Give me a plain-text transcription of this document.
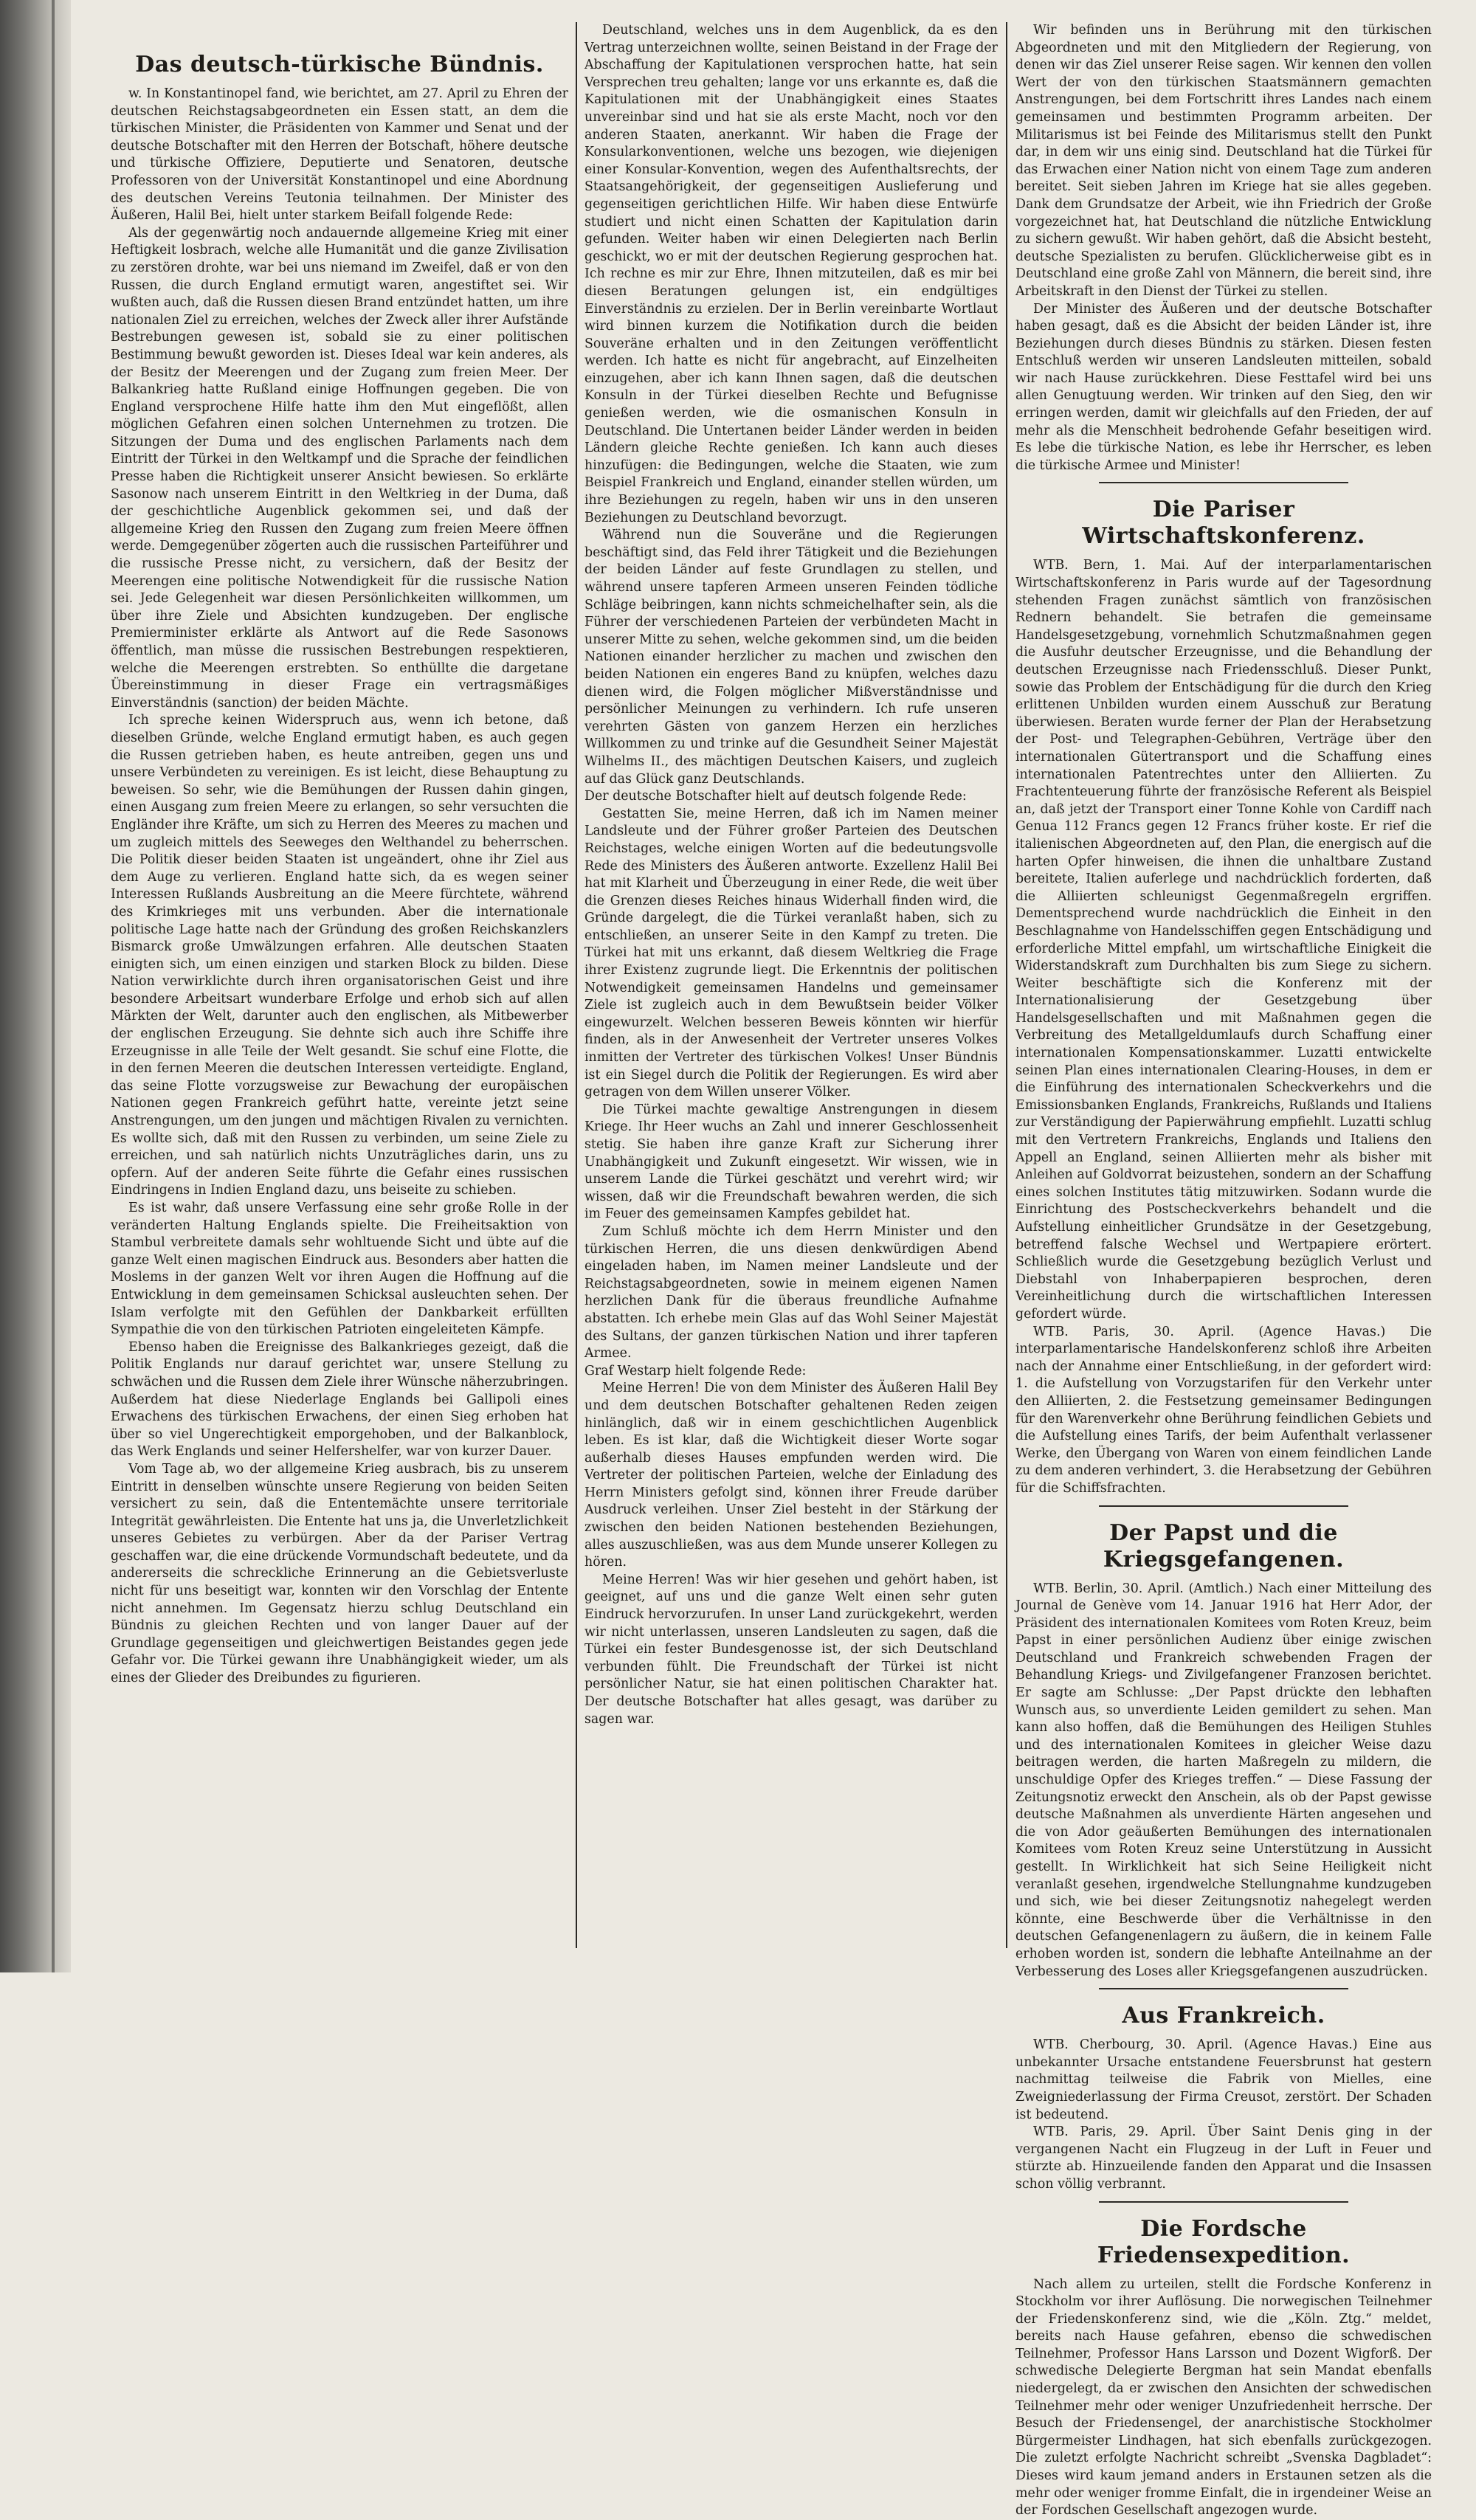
Das deutsch-türkische Bündnis.

w. In Konstantinopel fand, wie berichtet, am 27. April zu Ehren der deutschen Reichstagsabgeordneten ein Essen statt, an dem die türkischen Minister, die Präsidenten von Kammer und Senat und der deutsche Botschafter mit den Herren der Botschaft, höhere deutsche und türkische Offiziere, Deputierte und Senatoren, deutsche Professoren von der Universität Konstantinopel und eine Abordnung des deutschen Vereins Teutonia teilnahmen. Der Minister des Äußeren, Halil Bei, hielt unter starkem Beifall folgende Rede:

Als der gegenwärtig noch andauernde allgemeine Krieg mit einer Heftigkeit losbrach, welche alle Humanität und die ganze Zivilisation zu zerstören drohte, war bei uns niemand im Zweifel, daß er von den Russen, die durch England ermutigt waren, angestiftet sei. Wir wußten auch, daß die Russen diesen Brand entzündet hatten, um ihre nationalen Ziel zu erreichen, welches der Zweck aller ihrer Aufstände Bestrebungen gewesen ist, sobald sie zu einer politischen Bestimmung bewußt geworden ist. Dieses Ideal war kein anderes, als der Besitz der Meerengen und der Zugang zum freien Meer. Der Balkankrieg hatte Rußland einige Hoffnungen gegeben. Die von England versprochene Hilfe hatte ihm den Mut eingeflößt, allen möglichen Gefahren einen solchen Unternehmen zu trotzen. Die Sitzungen der Duma und des englischen Parlaments nach dem Eintritt der Türkei in den Weltkampf und die Sprache der feindlichen Presse haben die Richtigkeit unserer Ansicht bewiesen. So erklärte Sasonow nach unserem Eintritt in den Weltkrieg in der Duma, daß der geschichtliche Augenblick gekommen sei, und daß der allgemeine Krieg den Russen den Zugang zum freien Meere öffnen werde. Demgegenüber zögerten auch die russischen Parteiführer und die russische Presse nicht, zu versichern, daß der Besitz der Meerengen eine politische Notwendigkeit für die russische Nation sei. Jede Gelegenheit war diesen Persönlichkeiten willkommen, um über ihre Ziele und Absichten kundzugeben. Der englische Premierminister erklärte als Antwort auf die Rede Sasonows öffentlich, man müsse die russischen Bestrebungen respektieren, welche die Meerengen erstrebten. So enthüllte die dargetane Übereinstimmung in dieser Frage ein vertragsmäßiges Einverständnis (sanction) der beiden Mächte.

Ich spreche keinen Widerspruch aus, wenn ich betone, daß dieselben Gründe, welche England ermutigt haben, es auch gegen die Russen getrieben haben, es heute antreiben, gegen uns und unsere Verbündeten zu vereinigen. Es ist leicht, diese Behauptung zu beweisen. So sehr, wie die Bemühungen der Russen dahin gingen, einen Ausgang zum freien Meere zu erlangen, so sehr versuchten die Engländer ihre Kräfte, um sich zu Herren des Meeres zu machen und um zugleich mittels des Seeweges den Welthandel zu beherrschen. Die Politik dieser beiden Staaten ist ungeändert, ohne ihr Ziel aus dem Auge zu verlieren. England hatte sich, da es wegen seiner Interessen Rußlands Ausbreitung an die Meere fürchtete, während des Krimkrieges mit uns verbunden. Aber die internationale politische Lage hatte nach der Gründung des großen Reichskanzlers Bismarck große Umwälzungen erfahren. Alle deutschen Staaten einigten sich, um einen einzigen und starken Block zu bilden. Diese Nation verwirklichte durch ihren organisatorischen Geist und ihre besondere Arbeitsart wunderbare Erfolge und erhob sich auf allen Märkten der Welt, darunter auch den englischen, als Mitbewerber der englischen Erzeugung. Sie dehnte sich auch ihre Schiffe ihre Erzeugnisse in alle Teile der Welt gesandt. Sie schuf eine Flotte, die in den fernen Meeren die deutschen Interessen verteidigte. England, das seine Flotte vorzugsweise zur Bewachung der europäischen Nationen gegen Frankreich geführt hatte, vereinte jetzt seine Anstrengungen, um den jungen und mächtigen Rivalen zu vernichten. Es wollte sich, daß mit den Russen zu verbinden, um seine Ziele zu erreichen, und sah natürlich nichts Unzuträgliches darin, uns zu opfern. Auf der anderen Seite führte die Gefahr eines russischen Eindringens in Indien England dazu, uns beiseite zu schieben.

Es ist wahr, daß unsere Verfassung eine sehr große Rolle in der veränderten Haltung Englands spielte. Die Freiheitsaktion von Stambul verbreitete damals sehr wohltuende Sicht und übte auf die ganze Welt einen magischen Eindruck aus. Besonders aber hatten die Moslems in der ganzen Welt vor ihren Augen die Hoffnung auf die Entwicklung in dem gemeinsamen Schicksal ausleuchten sehen. Der Islam verfolgte mit den Gefühlen der Dankbarkeit erfüllten Sympathie die von den türkischen Patrioten eingeleiteten Kämpfe.

Ebenso haben die Ereignisse des Balkankrieges gezeigt, daß die Politik Englands nur darauf gerichtet war, unsere Stellung zu schwächen und die Russen dem Ziele ihrer Wünsche näherzubringen. Außerdem hat diese Niederlage Englands bei Gallipoli eines Erwachens des türkischen Erwachens, der einen Sieg erhoben hat über so viel Ungerechtigkeit emporgehoben, und der Balkanblock, das Werk Englands und seiner Helfershelfer, war von kurzer Dauer.

Vom Tage ab, wo der allgemeine Krieg ausbrach, bis zu unserem Eintritt in denselben wünschte unsere Regierung von beiden Seiten versichert zu sein, daß die Ententemächte unsere territoriale Integrität gewährleisten. Die Entente hat uns ja, die Unverletzlichkeit unseres Gebietes zu verbürgen. Aber da der Pariser Vertrag geschaffen war, die eine drückende Vormundschaft bedeutete, und da andererseits die schreckliche Erinnerung an die Gebietsverluste nicht für uns beseitigt war, konnten wir den Vorschlag der Entente nicht annehmen. Im Gegensatz hierzu schlug Deutschland ein Bündnis zu gleichen Rechten und von langer Dauer auf der Grundlage gegenseitigen und gleichwertigen Beistandes gegen jede Gefahr vor. Die Türkei gewann ihre Unabhängigkeit wieder, um als eines der Glieder des Dreibundes zu figurieren.

Deutschland, welches uns in dem Augenblick, da es den Vertrag unterzeichnen wollte, seinen Beistand in der Frage der Abschaffung der Kapitulationen versprochen hatte, hat sein Versprechen treu gehalten; lange vor uns erkannte es, daß die Kapitulationen mit der Unabhängigkeit eines Staates unvereinbar sind und hat sie als erste Macht, noch vor den anderen Staaten, anerkannt. Wir haben die Frage der Konsularkonventionen, welche uns bezogen, wie diejenigen einer Konsular-Konvention, wegen des Aufenthaltsrechts, der Staatsangehörigkeit, der gegenseitigen Auslieferung und gegenseitigen gerichtlichen Hilfe. Wir haben diese Entwürfe studiert und nicht einen Schatten der Kapitulation darin gefunden. Weiter haben wir einen Delegierten nach Berlin geschickt, wo er mit der deutschen Regierung gesprochen hat. Ich rechne es mir zur Ehre, Ihnen mitzuteilen, daß es mir bei diesen Beratungen gelungen ist, ein endgültiges Einverständnis zu erzielen. Der in Berlin vereinbarte Wortlaut wird binnen kurzem die Notifikation durch die beiden Souveräne erhalten und in den Zeitungen veröffentlicht werden. Ich hatte es nicht für angebracht, auf Einzelheiten einzugehen, aber ich kann Ihnen sagen, daß die deutschen Konsuln in der Türkei dieselben Rechte und Befugnisse genießen werden, wie die osmanischen Konsuln in Deutschland. Die Untertanen beider Länder werden in beiden Ländern gleiche Rechte genießen. Ich kann auch dieses hinzufügen: die Bedingungen, welche die Staaten, wie zum Beispiel Frankreich und England, einander stellen würden, um ihre Beziehungen zu regeln, haben wir uns in den unseren Beziehungen zu Deutschland bevorzugt.

Während nun die Souveräne und die Regierungen beschäftigt sind, das Feld ihrer Tätigkeit und die Beziehungen der beiden Länder auf feste Grundlagen zu stellen, und während unsere tapferen Armeen unseren Feinden tödliche Schläge beibringen, kann nichts schmeichelhafter sein, als die Führer der verschiedenen Parteien der verbündeten Macht in unserer Mitte zu sehen, welche gekommen sind, um die beiden Nationen einander herzlicher zu machen und zwischen den beiden Nationen ein engeres Band zu knüpfen, welches dazu dienen wird, die Folgen möglicher Mißverständnisse und persönlicher Meinungen zu verhindern. Ich rufe unseren verehrten Gästen von ganzem Herzen ein herzliches Willkommen zu und trinke auf die Gesundheit Seiner Majestät Wilhelms II., des mächtigen Deutschen Kaisers, und zugleich auf das Glück ganz Deutschlands.

Der deutsche Botschafter hielt auf deutsch folgende Rede:

Gestatten Sie, meine Herren, daß ich im Namen meiner Landsleute und der Führer großer Parteien des Deutschen Reichstages, welche einigen Worten auf die bedeutungsvolle Rede des Ministers des Äußeren antworte. Exzellenz Halil Bei hat mit Klarheit und Überzeugung in einer Rede, die weit über die Grenzen dieses Reiches hinaus Widerhall finden wird, die Gründe dargelegt, die die Türkei veranlaßt haben, sich zu entschließen, an unserer Seite in den Kampf zu treten. Die Türkei hat mit uns erkannt, daß diesem Weltkrieg die Frage ihrer Existenz zugrunde liegt. Die Erkenntnis der politischen Notwendigkeit gemeinsamen Handelns und gemeinsamer Ziele ist zugleich auch in dem Bewußtsein beider Völker eingewurzelt. Welchen besseren Beweis könnten wir hierfür finden, als in der Anwesenheit der Vertreter unseres Volkes inmitten der Vertreter des türkischen Volkes! Unser Bündnis ist ein Siegel durch die Politik der Regierungen. Es wird aber getragen von dem Willen unserer Völker.

Die Türkei machte gewaltige Anstrengungen in diesem Kriege. Ihr Heer wuchs an Zahl und innerer Geschlossenheit stetig. Sie haben ihre ganze Kraft zur Sicherung ihrer Unabhängigkeit und Zukunft eingesetzt. Wir wissen, wie in unserem Lande die Türkei geschätzt und verehrt wird; wir wissen, daß wir die Freundschaft bewahren werden, die sich im Feuer des gemeinsamen Kampfes gebildet hat.

Zum Schluß möchte ich dem Herrn Minister und den türkischen Herren, die uns diesen denkwürdigen Abend eingeladen haben, im Namen meiner Landsleute und der Reichstagsabgeordneten, sowie in meinem eigenen Namen herzlichen Dank für die überaus freundliche Aufnahme abstatten. Ich erhebe mein Glas auf das Wohl Seiner Majestät des Sultans, der ganzen türkischen Nation und ihrer tapferen Armee.

Graf Westarp hielt folgende Rede:

Meine Herren! Die von dem Minister des Äußeren Halil Bey und dem deutschen Botschafter gehaltenen Reden zeigen hinlänglich, daß wir in einem geschichtlichen Augenblick leben. Es ist klar, daß die Wichtigkeit dieser Worte sogar außerhalb dieses Hauses empfunden werden wird. Die Vertreter der politischen Parteien, welche der Einladung des Herrn Ministers gefolgt sind, können ihrer Freude darüber Ausdruck verleihen. Unser Ziel besteht in der Stärkung der zwischen den beiden Nationen bestehenden Beziehungen, alles auszuschließen, was aus dem Munde unserer Kollegen zu hören.

Meine Herren! Was wir hier gesehen und gehört haben, ist geeignet, auf uns und die ganze Welt einen sehr guten Eindruck hervorzurufen. In unser Land zurückgekehrt, werden wir nicht unterlassen, unseren Landsleuten zu sagen, daß die Türkei ein fester Bundesgenosse ist, der sich Deutschland verbunden fühlt. Die Freundschaft der Türkei ist nicht persönlicher Natur, sie hat einen politischen Charakter hat. Der deutsche Botschafter hat alles gesagt, was darüber zu sagen war.

Wir befinden uns in Berührung mit den türkischen Abgeordneten und mit den Mitgliedern der Regierung, von denen wir das Ziel unserer Reise sagen. Wir kennen den vollen Wert der von den türkischen Staatsmännern gemachten Anstrengungen, bei dem Fortschritt ihres Landes nach einem gemeinsamen und bestimmten Programm arbeiten. Der Militarismus ist bei Feinde des Militarismus stellt den Punkt dar, in dem wir uns einig sind. Deutschland hat die Türkei für das Erwachen einer Nation nicht von einem Tage zum anderen bereitet. Seit sieben Jahren im Kriege hat sie alles gegeben. Dank dem Grundsatze der Arbeit, wie ihn Friedrich der Große vorgezeichnet hat, hat Deutschland die nützliche Entwicklung zu sichern gewußt. Wir haben gehört, daß die Absicht besteht, deutsche Spezialisten zu berufen. Glücklicherweise gibt es in Deutschland eine große Zahl von Männern, die bereit sind, ihre Arbeitskraft in den Dienst der Türkei zu stellen.

Der Minister des Äußeren und der deutsche Botschafter haben gesagt, daß es die Absicht der beiden Länder ist, ihre Beziehungen durch dieses Bündnis zu stärken. Diesen festen Entschluß werden wir unseren Landsleuten mitteilen, sobald wir nach Hause zurückkehren. Diese Festtafel wird bei uns allen Genugtuung werden. Wir trinken auf den Sieg, den wir erringen werden, damit wir gleichfalls auf den Frieden, der auf mehr als die Menschheit bedrohende Gefahr beseitigen wird. Es lebe die türkische Nation, es lebe ihr Herrscher, es leben die türkische Armee und Minister!

Die Pariser Wirtschaftskonferenz.

WTB. Bern, 1. Mai. Auf der interparlamentarischen Wirtschaftskonferenz in Paris wurde auf der Tagesordnung stehenden Fragen zunächst sämtlich von französischen Rednern behandelt. Sie betrafen die gemeinsame Handelsgesetzgebung, vornehmlich Schutzmaßnahmen gegen die Ausfuhr deutscher Erzeugnisse, und die Behandlung der deutschen Erzeugnisse nach Friedensschluß. Dieser Punkt, sowie das Problem der Entschädigung für die durch den Krieg erlittenen Unbilden wurden einem Ausschuß zur Beratung überwiesen. Beraten wurde ferner der Plan der Herabsetzung der Post- und Telegraphen-Gebühren, Verträge über den internationalen Gütertransport und die Schaffung eines internationalen Patentrechtes unter den Alliierten. Zu Frachtenteuerung führte der französische Referent als Beispiel an, daß jetzt der Transport einer Tonne Kohle von Cardiff nach Genua 112 Francs gegen 12 Francs früher koste. Er rief die italienischen Abgeordneten auf, den Plan, die energisch auf die harten Opfer hinweisen, die ihnen die unhaltbare Zustand bereitete, Italien auferlege und nachdrücklich forderten, daß die Alliierten schleunigst Gegenmaßregeln ergriffen. Dementsprechend wurde nachdrücklich die Einheit in den Beschlagnahme von Handelsschiffen gegen Entschädigung und erforderliche Mittel empfahl, um wirtschaftliche Einigkeit die Widerstandskraft zum Durchhalten bis zum Siege zu sichern. Weiter beschäftigte sich die Konferenz mit der Internationalisierung der Gesetzgebung über Handelsgesellschaften und mit Maßnahmen gegen die Verbreitung des Metallgeldumlaufs durch Schaffung einer internationalen Kompensationskammer. Luzatti entwickelte seinen Plan eines internationalen Clearing-Houses, in dem er die Einführung des internationalen Scheckverkehrs und die Emissionsbanken Englands, Frankreichs, Rußlands und Italiens zur Verständigung der Papierwährung empfiehlt. Luzatti schlug mit den Vertretern Frankreichs, Englands und Italiens den Appell an England, seinen Alliierten mehr als bisher mit Anleihen auf Goldvorrat beizustehen, sondern an der Schaffung eines solchen Institutes tätig mitzuwirken. Sodann wurde die Einrichtung des Postscheckverkehrs behandelt und die Aufstellung einheitlicher Grundsätze in der Gesetzgebung, betreffend falsche Wechsel und Wertpapiere erörtert. Schließlich wurde die Gesetzgebung bezüglich Verlust und Diebstahl von Inhaberpapieren besprochen, deren Vereinheitlichung durch die wirtschaftlichen Interessen gefordert würde.

WTB. Paris, 30. April. (Agence Havas.) Die interparlamentarische Handelskonferenz schloß ihre Arbeiten nach der Annahme einer Entschließung, in der gefordert wird: 1. die Aufstellung von Vorzugstarifen für den Verkehr unter den Alliierten, 2. die Festsetzung gemeinsamer Bedingungen für den Warenverkehr ohne Berührung feindlichen Gebiets und die Aufstellung eines Tarifs, der beim Aufenthalt verlassener Werke, den Übergang von Waren von einem feindlichen Lande zu dem anderen verhindert, 3. die Herabsetzung der Gebühren für die Schiffsfrachten.

Der Papst und die Kriegsgefangenen.

WTB. Berlin, 30. April. (Amtlich.) Nach einer Mitteilung des Journal de Genève vom 14. Januar 1916 hat Herr Ador, der Präsident des internationalen Komitees vom Roten Kreuz, beim Papst in einer persönlichen Audienz über einige zwischen Deutschland und Frankreich schwebenden Fragen der Behandlung Kriegs- und Zivilgefangener Franzosen berichtet. Er sagte am Schlusse: „Der Papst drückte den lebhaften Wunsch aus, so unverdiente Leiden gemildert zu sehen. Man kann also hoffen, daß die Bemühungen des Heiligen Stuhles und des internationalen Komitees in gleicher Weise dazu beitragen werden, die harten Maßregeln zu mildern, die unschuldige Opfer des Krieges treffen.“ — Diese Fassung der Zeitungsnotiz erweckt den Anschein, als ob der Papst gewisse deutsche Maßnahmen als unverdiente Härten angesehen und die von Ador geäußerten Bemühungen des internationalen Komitees vom Roten Kreuz seine Unterstützung in Aussicht gestellt. In Wirklichkeit hat sich Seine Heiligkeit nicht veranlaßt gesehen, irgendwelche Stellungnahme kundzugeben und sich, wie bei dieser Zeitungsnotiz nahegelegt werden könnte, eine Beschwerde über die Verhältnisse in den deutschen Gefangenenlagern zu äußern, die in keinem Falle erhoben worden ist, sondern die lebhafte Anteilnahme an der Verbesserung des Loses aller Kriegsgefangenen auszudrücken.

Aus Frankreich.

WTB. Cherbourg, 30. April. (Agence Havas.) Eine aus unbekannter Ursache entstandene Feuersbrunst hat gestern nachmittag teilweise die Fabrik von Mielles, eine Zweigniederlassung der Firma Creusot, zerstört. Der Schaden ist bedeutend.

WTB. Paris, 29. April. Über Saint Denis ging in der vergangenen Nacht ein Flugzeug in der Luft in Feuer und stürzte ab. Hinzueilende fanden den Apparat und die Insassen schon völlig verbrannt.

Die Fordsche Friedensexpedition.

Nach allem zu urteilen, stellt die Fordsche Konferenz in Stockholm vor ihrer Auflösung. Die norwegischen Teilnehmer der Friedenskonferenz sind, wie die „Köln. Ztg.“ meldet, bereits nach Hause gefahren, ebenso die schwedischen Teilnehmer, Professor Hans Larsson und Dozent Wigforß. Der schwedische Delegierte Bergman hat sein Mandat ebenfalls niedergelegt, da er zwischen den Ansichten der schwedischen Teilnehmer mehr oder weniger Unzufriedenheit herrsche. Der Besuch der Friedensengel, der anarchistische Stockholmer Bürgermeister Lindhagen, hat sich ebenfalls zurückgezogen. Die zuletzt erfolgte Nachricht schreibt „Svenska Dagbladet“: Dieses wird kaum jemand anders in Erstaunen setzen als die mehr oder weniger fromme Einfalt, die in irgendeiner Weise an der Fordschen Gesellschaft angezogen wurde.
